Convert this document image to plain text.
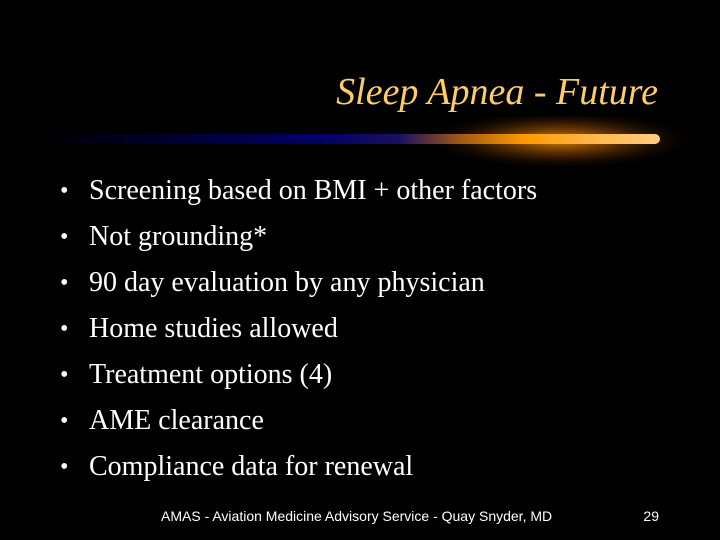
Sleep Apnea - Future
• Screening based on BMI + other factors
• Not grounding*
• 90 day evaluation by any physician
• Home studies allowed
• Treatment options (4)
• AME clearance
• Compliance data for renewal
AMAS - Aviation Medicine Advisory Service - Quay Snyder, MD	29
